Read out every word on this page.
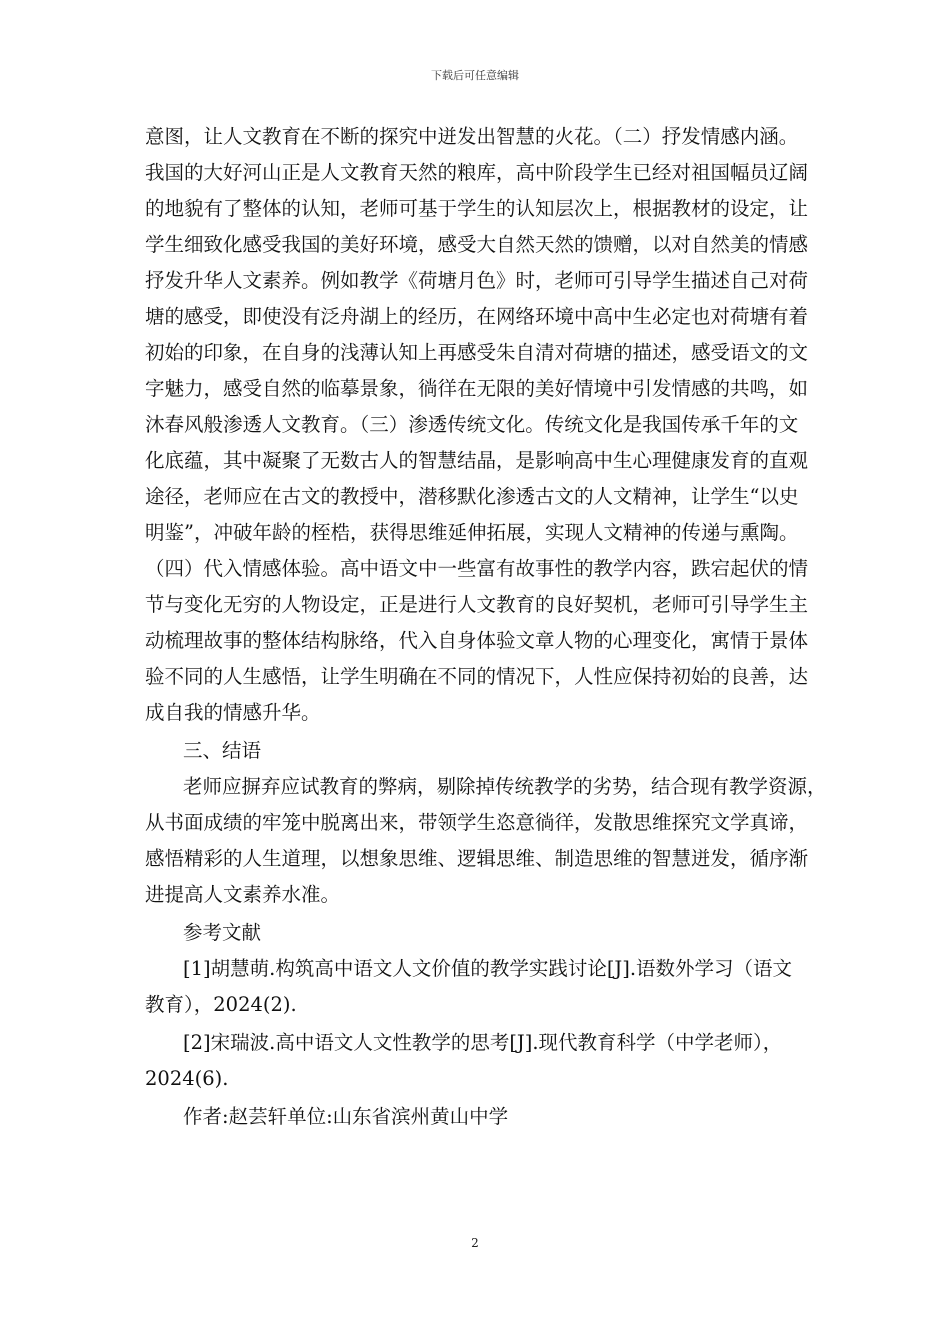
下载后可任意编辑
意图，让人文教育在不断的探究中迸发出智慧的火花。（二）抒发情感内涵。
我国的大好河山正是人文教育天然的粮库，高中阶段学生已经对祖国幅员辽阔
的地貌有了整体的认知，老师可基于学生的认知层次上，根据教材的设定，让
学生细致化感受我国的美好环境，感受大自然天然的馈赠，以对自然美的情感
抒发升华人文素养。例如教学《荷塘月色》时，老师可引导学生描述自己对荷
塘的感受，即使没有泛舟湖上的经历，在网络环境中高中生必定也对荷塘有着
初始的印象，在自身的浅薄认知上再感受朱自清对荷塘的描述，感受语文的文
字魅力，感受自然的临摹景象，徜徉在无限的美好情境中引发情感的共鸣，如
沐春风般渗透人文教育。（三）渗透传统文化。传统文化是我国传承千年的文
化底蕴，其中凝聚了无数古人的智慧结晶，是影响高中生心理健康发育的直观
途径，老师应在古文的教授中，潜移默化渗透古文的人文精神，让学生“以史
明鉴”，冲破年龄的桎梏，获得思维延伸拓展，实现人文精神的传递与熏陶。
（四）代入情感体验。高中语文中一些富有故事性的教学内容，跌宕起伏的情
节与变化无穷的人物设定，正是进行人文教育的良好契机，老师可引导学生主
动梳理故事的整体结构脉络，代入自身体验文章人物的心理变化，寓情于景体
验不同的人生感悟，让学生明确在不同的情况下，人性应保持初始的良善，达
成自我的情感升华。
三、结语
老师应摒弃应试教育的弊病，剔除掉传统教学的劣势，结合现有教学资源，
从书面成绩的牢笼中脱离出来，带领学生恣意徜徉，发散思维探究文学真谛，
感悟精彩的人生道理，以想象思维、逻辑思维、制造思维的智慧迸发，循序渐
进提高人文素养水准。
参考文献
[1]胡慧萌.构筑高中语文人文价值的教学实践讨论[J].语数外学习（语文
教育），2024(2).
[2]宋瑞波.高中语文人文性教学的思考[J].现代教育科学（中学老师），
2024(6).
作者:赵芸轩单位:山东省滨州黄山中学
2
